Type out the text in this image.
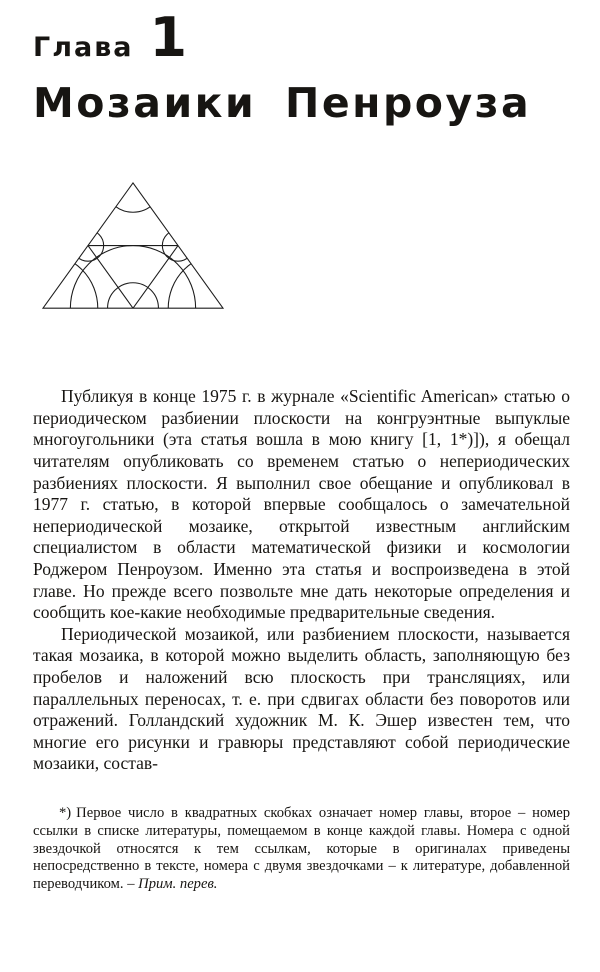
Глава 1
Мозаики Пенроуза

Публикуя в конце 1975 г. в журнале «Scientific American» статью о периодическом разбиении плоскости на конгруэнтные выпуклые многоугольники (эта статья вошла в мою книгу [1, 1*)]), я обещал читателям опубликовать со временем статью о непериодических разбиениях плоскости. Я выполнил свое обещание и опубликовал в 1977 г. статью, в которой впервые сообщалось о замечательной непериодической мозаике, открытой известным английским специалистом в области математической физики и космологии Роджером Пенроузом. Именно эта статья и воспроизведена в этой главе. Но прежде всего позвольте мне дать некоторые определения и сообщить кое-какие необходимые предварительные сведения.

Периодической мозаикой, или разбиением плоскости, называется такая мозаика, в которой можно выделить область, заполняющую без пробелов и наложений всю плоскость при трансляциях, или параллельных переносах, т. е. при сдвигах области без поворотов или отражений. Голландский художник М. К. Эшер известен тем, что многие его рисунки и гравюры представляют собой периодические мозаики, состав-

*) Первое число в квадратных скобках означает номер главы, второе – номер ссылки в списке литературы, помещаемом в конце каждой главы. Номера с одной звездочкой относятся к тем ссылкам, которые в оригиналах приведены непосредственно в тексте, номера с двумя звездочками – к литературе, добавленной переводчиком. – Прим. перев.
